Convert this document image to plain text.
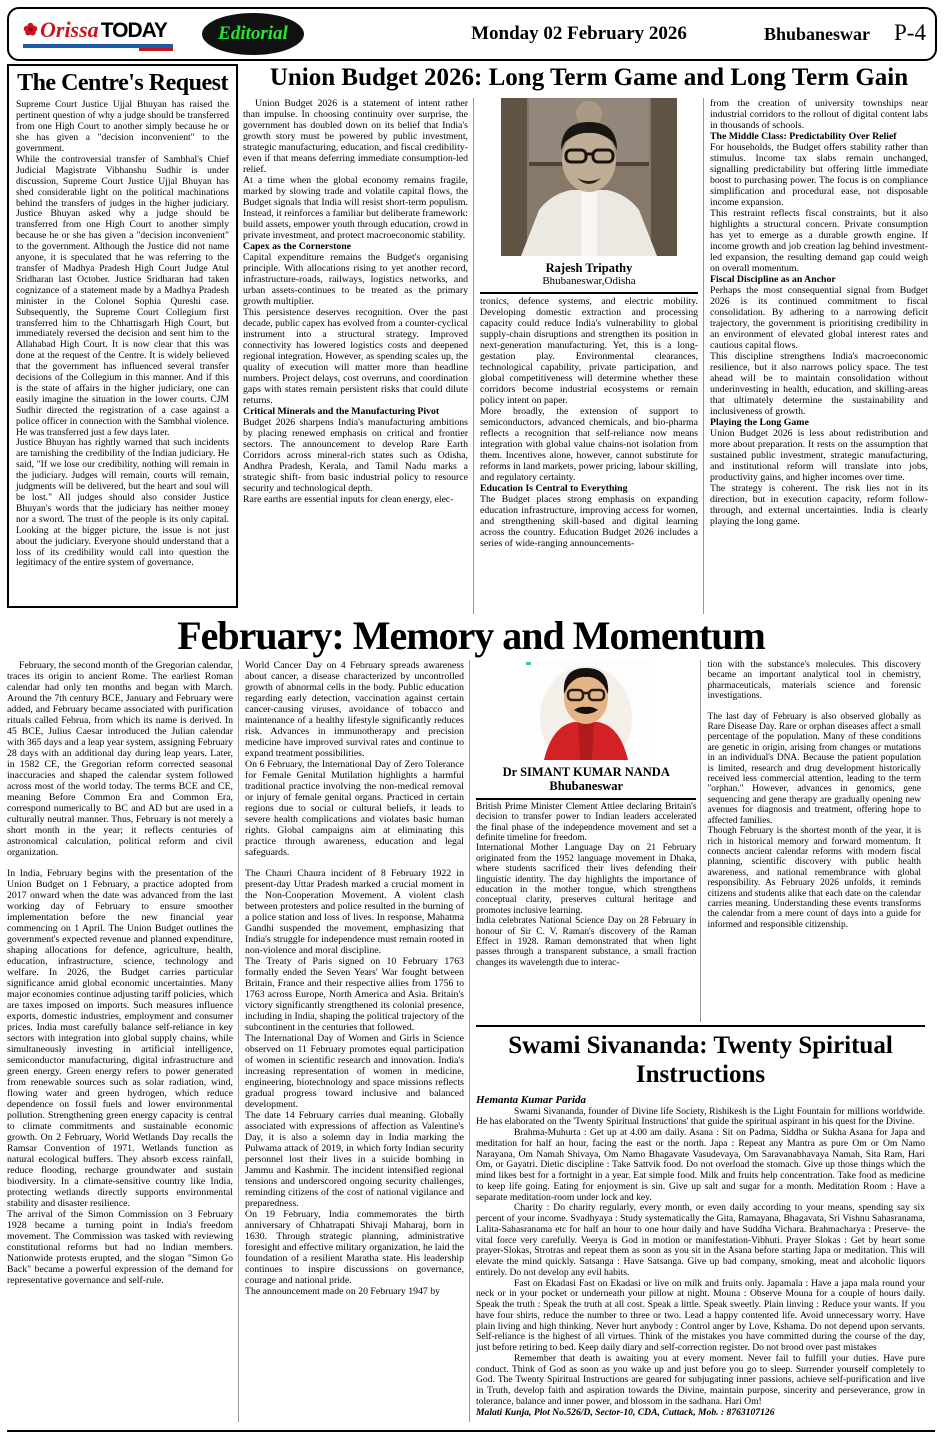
Orissa TODAY	Editorial	Monday 02 February 2026	Bhubaneswar	P-4
The Centre's Request

Supreme Court Justice Ujjal Bhuyan has raised the pertinent question of why a judge should be transferred from one High Court to another simply because he or she has given a "decision inconvenient" to the government.

While the controversial transfer of Sambhal's Chief Judicial Magistrate Vibhanshu Sudhir is under discussion, Supreme Court Justice Ujjal Bhuyan has shed considerable light on the political machinations behind the transfers of judges in the higher judiciary. Justice Bhuyan asked why a judge should be transferred from one High Court to another simply because he or she has given a "decision inconvenient" to the government. Although the Justice did not name anyone, it is speculated that he was referring to the transfer of Madhya Pradesh High Court Judge Atul Sridharan last October. Justice Sridharan had taken cognizance of a statement made by a Madhya Pradesh minister in the Colonel Sophia Qureshi case. Subsequently, the Supreme Court Collegium first transferred him to the Chhattisgarh High Court, but immediately reversed the decision and sent him to the Allahabad High Court. It is now clear that this was done at the request of the Centre. It is widely believed that the government has influenced several transfer decisions of the Collegium in this manner. And if this is the state of affairs in the higher judiciary, one can easily imagine the situation in the lower courts. CJM Sudhir directed the registration of a case against a police officer in connection with the Sambhal violence. He was transferred just a few days later.

Justice Bhuyan has rightly warned that such incidents are tarnishing the credibility of the Indian judiciary. He said, "If we lose our credibility, nothing will remain in the judiciary. Judges will remain, courts will remain, judgments will be delivered, but the heart and soul will be lost." All judges should also consider Justice Bhuyan's words that the judiciary has neither money nor a sword. The trust of the people is its only capital. Looking at the bigger picture, the issue is not just about the judiciary. Everyone should understand that a loss of its credibility would call into question the legitimacy of the entire system of governance.

Union Budget 2026: Long Term Game and Long Term Gain

Union Budget 2026 is a statement of intent rather than impulse. In choosing continuity over surprise, the government has doubled down on its belief that India's growth story must be powered by public investment, strategic manufacturing, education, and fiscal credibility- even if that means deferring immediate consumption-led relief.

At a time when the global economy remains fragile, marked by slowing trade and volatile capital flows, the Budget signals that India will resist short-term populism. Instead, it reinforces a familiar but deliberate framework: build assets, empower youth through education, crowd in private investment, and protect macroeconomic stability.

Capex as the Cornerstone

Capital expenditure remains the Budget's organising principle. With allocations rising to yet another record, infrastructure-roads, railways, logistics networks, and urban assets-continues to be treated as the primary growth multiplier.

This persistence deserves recognition. Over the past decade, public capex has evolved from a counter-cyclical instrument into a structural strategy. Improved connectivity has lowered logistics costs and deepened regional integration. However, as spending scales up, the quality of execution will matter more than headline numbers. Project delays, cost overruns, and coordination gaps with states remain persistent risks that could dilute returns.

Critical Minerals and the Manufacturing Pivot

Budget 2026 sharpens India's manufacturing ambitions by placing renewed emphasis on critical and frontier sectors. The announcement to develop Rare Earth Corridors across mineral-rich states such as Odisha, Andhra Pradesh, Kerala, and Tamil Nadu marks a strategic shift- from basic industrial policy to resource security and technological depth.

Rare earths are essential inputs for clean energy, elec-

Rajesh Tripathy
Bhubaneswar,Odisha

tronics, defence systems, and electric mobility. Developing domestic extraction and processing capacity could reduce India's vulnerability to global supply-chain disruptions and strengthen its position in next-generation manufacturing. Yet, this is a long-gestation play. Environmental clearances, technological capability, private participation, and global competitiveness will determine whether these corridors become industrial ecosystems or remain policy intent on paper.

More broadly, the extension of support to semiconductors, advanced chemicals, and bio-pharma reflects a recognition that self-reliance now means integration with global value chains-not isolation from them. Incentives alone, however, cannot substitute for reforms in land markets, power pricing, labour skilling, and regulatory certainty.

Education Is Central to Everything

The Budget places strong emphasis on expanding education infrastructure, improving access for women, and strengthening skill-based and digital learning across the country. Education Budget 2026 includes a series of wide-ranging announcements-

from the creation of university townships near industrial corridors to the rollout of digital content labs in thousands of schools.

The Middle Class: Predictability Over Relief

For households, the Budget offers stability rather than stimulus. Income tax slabs remain unchanged, signalling predictability but offering little immediate boost to purchasing power. The focus is on compliance simplification and procedural ease, not disposable income expansion.

This restraint reflects fiscal constraints, but it also highlights a structural concern. Private consumption has yet to emerge as a durable growth engine. If income growth and job creation lag behind investment-led expansion, the resulting demand gap could weigh on overall momentum.

Fiscal Discipline as an Anchor

Perhaps the most consequential signal from Budget 2026 is its continued commitment to fiscal consolidation. By adhering to a narrowing deficit trajectory, the government is prioritising credibility in an environment of elevated global interest rates and cautious capital flows.

This discipline strengthens India's macroeconomic resilience, but it also narrows policy space. The test ahead will be to maintain consolidation without underinvesting in health, education, and skilling-areas that ultimately determine the sustainability and inclusiveness of growth.

Playing the Long Game

Union Budget 2026 is less about redistribution and more about preparation. It rests on the assumption that sustained public investment, strategic manufacturing, and institutional reform will translate into jobs, productivity gains, and higher incomes over time.

The strategy is coherent. The risk lies not in its direction, but in execution capacity, reform follow-through, and external uncertainties. India is clearly playing the long game.

February: Memory and Momentum

February, the second month of the Gregorian calendar, traces its origin to ancient Rome. The earliest Roman calendar had only ten months and began with March. Around the 7th century BCE, January and February were added, and February became associated with purification rituals called Februa, from which its name is derived. In 45 BCE, Julius Caesar introduced the Julian calendar with 365 days and a leap year system, assigning February 28 days with an additional day during leap years. Later, in 1582 CE, the Gregorian reform corrected seasonal inaccuracies and shaped the calendar system followed across most of the world today. The terms BCE and CE, meaning Before Common Era and Common Era, correspond numerically to BC and AD but are used in a culturally neutral manner. Thus, February is not merely a short month in the year; it reflects centuries of astronomical calculation, political reform and civil organization.

In India, February begins with the presentation of the Union Budget on 1 February, a practice adopted from 2017 onward when the date was advanced from the last working day of February to ensure smoother implementation before the new financial year commencing on 1 April. The Union Budget outlines the government's expected revenue and planned expenditure, shaping allocations for defence, agriculture, health, education, infrastructure, science, technology and welfare. In 2026, the Budget carries particular significance amid global economic uncertainties. Many major economies continue adjusting tariff policies, which are taxes imposed on imports. Such measures influence exports, domestic industries, employment and consumer prices. India must carefully balance self-reliance in key sectors with integration into global supply chains, while simultaneously investing in artificial intelligence, semiconductor manufacturing, digital infrastructure and green energy. Green energy refers to power generated from renewable sources such as solar radiation, wind, flowing water and green hydrogen, which reduce dependence on fossil fuels and lower environmental pollution. Strengthening green energy capacity is central to climate commitments and sustainable economic growth. On 2 February, World Wetlands Day recalls the Ramsar Convention of 1971. Wetlands function as natural ecological buffers. They absorb excess rainfall, reduce flooding, recharge groundwater and sustain biodiversity. In a climate-sensitive country like India, protecting wetlands directly supports environmental stability and disaster resilience.

The arrival of the Simon Commission on 3 February 1928 became a turning point in India's freedom movement. The Commission was tasked with reviewing constitutional reforms but had no Indian members. Nationwide protests erupted, and the slogan "Simon Go Back" became a powerful expression of the demand for representative governance and self-rule.

World Cancer Day on 4 February spreads awareness about cancer, a disease characterized by uncontrolled growth of abnormal cells in the body. Public education regarding early detection, vaccination against certain cancer-causing viruses, avoidance of tobacco and maintenance of a healthy lifestyle significantly reduces risk. Advances in immunotherapy and precision medicine have improved survival rates and continue to expand treatment possibilities.

On 6 February, the International Day of Zero Tolerance for Female Genital Mutilation highlights a harmful traditional practice involving the non-medical removal or injury of female genital organs. Practiced in certain regions due to social or cultural beliefs, it leads to severe health complications and violates basic human rights. Global campaigns aim at eliminating this practice through awareness, education and legal safeguards.

The Chauri Chaura incident of 8 February 1922 in present-day Uttar Pradesh marked a crucial moment in the Non-Cooperation Movement. A violent clash between protesters and police resulted in the burning of a police station and loss of lives. In response, Mahatma Gandhi suspended the movement, emphasizing that India's struggle for independence must remain rooted in non-violence and moral discipline.

The Treaty of Paris signed on 10 February 1763 formally ended the Seven Years' War fought between Britain, France and their respective allies from 1756 to 1763 across Europe, North America and Asia. Britain's victory significantly strengthened its colonial presence, including in India, shaping the political trajectory of the subcontinent in the centuries that followed.

The International Day of Women and Girls in Science observed on 11 February promotes equal participation of women in scientific research and innovation. India's increasing representation of women in medicine, engineering, biotechnology and space missions reflects gradual progress toward inclusive and balanced development.

The date 14 February carries dual meaning. Globally associated with expressions of affection as Valentine's Day, it is also a solemn day in India marking the Pulwama attack of 2019, in which forty Indian security personnel lost their lives in a suicide bombing in Jammu and Kashmir. The incident intensified regional tensions and underscored ongoing security challenges, reminding citizens of the cost of national vigilance and preparedness.

On 19 February, India commemorates the birth anniversary of Chhatrapati Shivaji Maharaj, born in 1630. Through strategic planning, administrative foresight and effective military organization, he laid the foundation of a resilient Maratha state. His leadership continues to inspire discussions on governance, courage and national pride.

The announcement made on 20 February 1947 by

Dr SIMANT KUMAR NANDA
Bhubaneswar

British Prime Minister Clement Attlee declaring Britain's decision to transfer power to Indian leaders accelerated the final phase of the independence movement and set a definite timeline for freedom.

International Mother Language Day on 21 February originated from the 1952 language movement in Dhaka, where students sacrificed their lives defending their linguistic identity. The day highlights the importance of education in the mother tongue, which strengthens conceptual clarity, preserves cultural heritage and promotes inclusive learning.

India celebrates National Science Day on 28 February in honour of Sir C. V. Raman's discovery of the Raman Effect in 1928. Raman demonstrated that when light passes through a transparent substance, a small fraction changes its wavelength due to interac-

tion with the substance's molecules. This discovery became an important analytical tool in chemistry, pharmaceuticals, materials science and forensic investigations.

The last day of February is also observed globally as Rare Disease Day. Rare or orphan diseases affect a small percentage of the population. Many of these conditions are genetic in origin, arising from changes or mutations in an individual's DNA. Because the patient population is limited, research and drug development historically received less commercial attention, leading to the term "orphan." However, advances in genomics, gene sequencing and gene therapy are gradually opening new avenues for diagnosis and treatment, offering hope to affected families.

Though February is the shortest month of the year, it is rich in historical memory and forward momentum. It connects ancient calendar reforms with modern fiscal planning, scientific discovery with public health awareness, and national remembrance with global responsibility. As February 2026 unfolds, it reminds citizens and students alike that each date on the calendar carries meaning. Understanding these events transforms the calendar from a mere count of days into a guide for informed and responsible citizenship.

Swami Sivananda: Twenty Spiritual
Instructions
Hemanta Kumar Parida

Swami Sivananda, founder of Divine life Society, Rishikesh is the Light Fountain for millions worldwide. He has elaborated on the 'Twenty Spiritual Instructions' that guide the spiritual aspirant in his quest for the Divine.

Brahma-Muhurta : Get up at 4.00 am daily. Asana : Sit on Padma, Siddha or Sukha Asana for Japa and meditation for half an hour, facing the east or the north. Japa : Repeat any Mantra as pure Om or Om Namo Narayana, Om Namah Shivaya, Om Namo Bhagavate Vasudevaya, Om Saravanabhavaya Namah, Sita Ram, Hari Om, or Gayatri. Dietic discipline : Take Sattvik food. Do not overload the stomach. Give up those things which the mind likes best for a fortnight in a year. Eat simple food. Milk and fruits help concentration. Take food as medicine to keep life going. Eating for enjoyment is sin. Give up salt and sugar for a month. Meditation Room : Have a separate meditation-room under lock and key.

Charity : Do charity regularly, every month, or even daily according to your means, spending say six percent of your income. Svadhyaya : Study systematically the Gita, Ramayana, Bhagavata, Sri Vishnu Sahasranama, Lalita-Sahasranama etc for half an hour to one hour daily and have Suddha Vichara. Brahmacharya : Preserve- the vital force very carefully. Veerya is God in motion or manifestation-Vibhuti. Prayer Slokas : Get by heart some prayer-Slokas, Strotras and repeat them as soon as you sit in the Asana before starting Japa or meditation. This will elevate the mind quickly. Satsanga : Have Satsanga. Give up bad company, smoking, meat and alcoholic liquors entirely. Do not develop any evil habits.

Fast on Ekadasi Fast on Ekadasi or live on milk and fruits only. Japamala : Have a japa mala round your neck or in your pocket or underneath your pillow at night. Mouna : Observe Mouna for a couple of hours daily. Speak the truth : Speak the truth at all cost. Speak a little. Speak sweetly. Plain linving : Reduce your wants. If you have four shirts, reduce the number to three or two. Lead a happy contented life. Avoid unnecessary worry. Have plain living and high thinking. Never hurt anybody : Control anger by Love, Kshama. Do not depend upon servants. Self-reliance is the highest of all virtues. Think of the mistakes you have committed during the course of the day, just before retiring to bed. Keep daily diary and self-correction register. Do not brood over past mistakes

Remember that death is awaiting you at every moment. Never fail to fulfill your duties. Have pure conduct. Think of God as soon as you wake up and just before you go to sleep. Surrender yourself completely to God. The Twenty Spiritual Instructions are geared for subjugating inner passions, achieve self-purification and live in Truth, develop faith and aspiration towards the Divine, maintain purpose, sincerity and perseverance, grow in tolerance, balance and inner power, and blossom in the sadhana. Hari Om!

Malati Kunja, Plot No.526/D, Sector-10, CDA, Cuttack, Mob. : 8763107126
